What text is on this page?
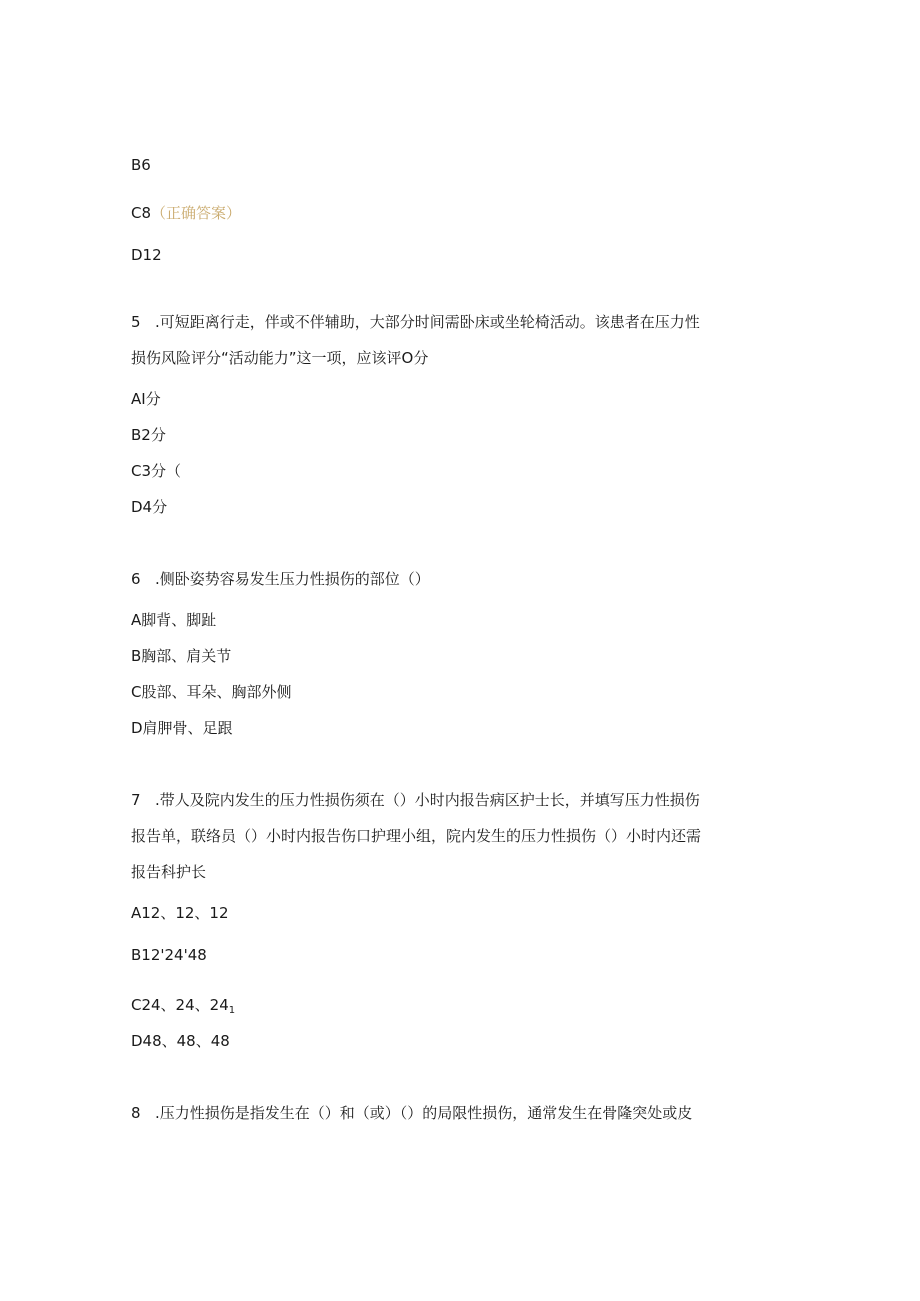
B6
C8（正确答案）
D12
5 .可短距离行走，伴或不伴辅助，大部分时间需卧床或坐轮椅活动。该患者在压力性
损伤风险评分“活动能力”这一项，应该评O分
AI分
B2分
C3分（
D4分
6 .侧卧姿势容易发生压力性损伤的部位（）
A脚背、脚趾
B胸部、肩关节
C股部、耳朵、胸部外侧
D肩胛骨、足跟
7 .带人及院内发生的压力性损伤须在（）小时内报告病区护士长，并填写压力性损伤
报告单，联络员（）小时内报告伤口护理小组，院内发生的压力性损伤（）小时内还需
报告科护长
A12、12、12
B12'24'48
C24、24、$24_1$
D48、48、48
8 .压力性损伤是指发生在（）和（或）（）的局限性损伤，通常发生在骨隆突处或皮
